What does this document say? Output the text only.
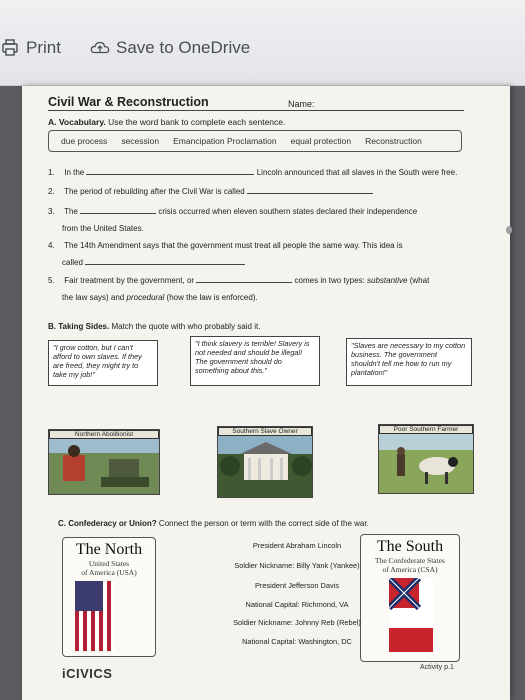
Print	Save to OneDrive
Civil War & Reconstruction	Name:
A. Vocabulary. Use the word bank to complete each sentence.
due process secession Emancipation Proclamation equal protection Reconstruction
1. In the	Lincoln announced that all slaves in the South were free.
2. The period of rebuilding after the Civil War is called
3. The	crisis occurred when eleven southern states declared their independence
from the United States.
4. The 14th Amendment says that the government must treat all people the same way. This idea is
called
5. Fair treatment by the government, or	comes in two types: substantive (what
the law says) and procedural (how the law is enforced).
B. Taking Sides. Match the quote with who probably said it.
"I grow cotton, but I can't afford to own slaves. If they are freed, they might try to take my job!"
"I think slavery is terrible! Slavery is not needed and should be illegal! The government should do something about this."
"Slaves are necessary to my cotton business. The government shouldn't tell me how to run my plantation!"
Northern Abolitionist	Southern Slave Owner	Poor Southern Farmer
C. Confederacy or Union? Connect the person or term with the correct side of the war.
The North
United States
of America (USA)
The South
The Confederate States
of America (CSA)
President Abraham Lincoln
Soldier Nickname: Billy Yank (Yankee)
President Jefferson Davis
National Capital: Richmond, VA
Soldier Nickname: Johnny Reb (Rebel)
National Capital: Washington, DC
iCIVICS	Activity p.1
